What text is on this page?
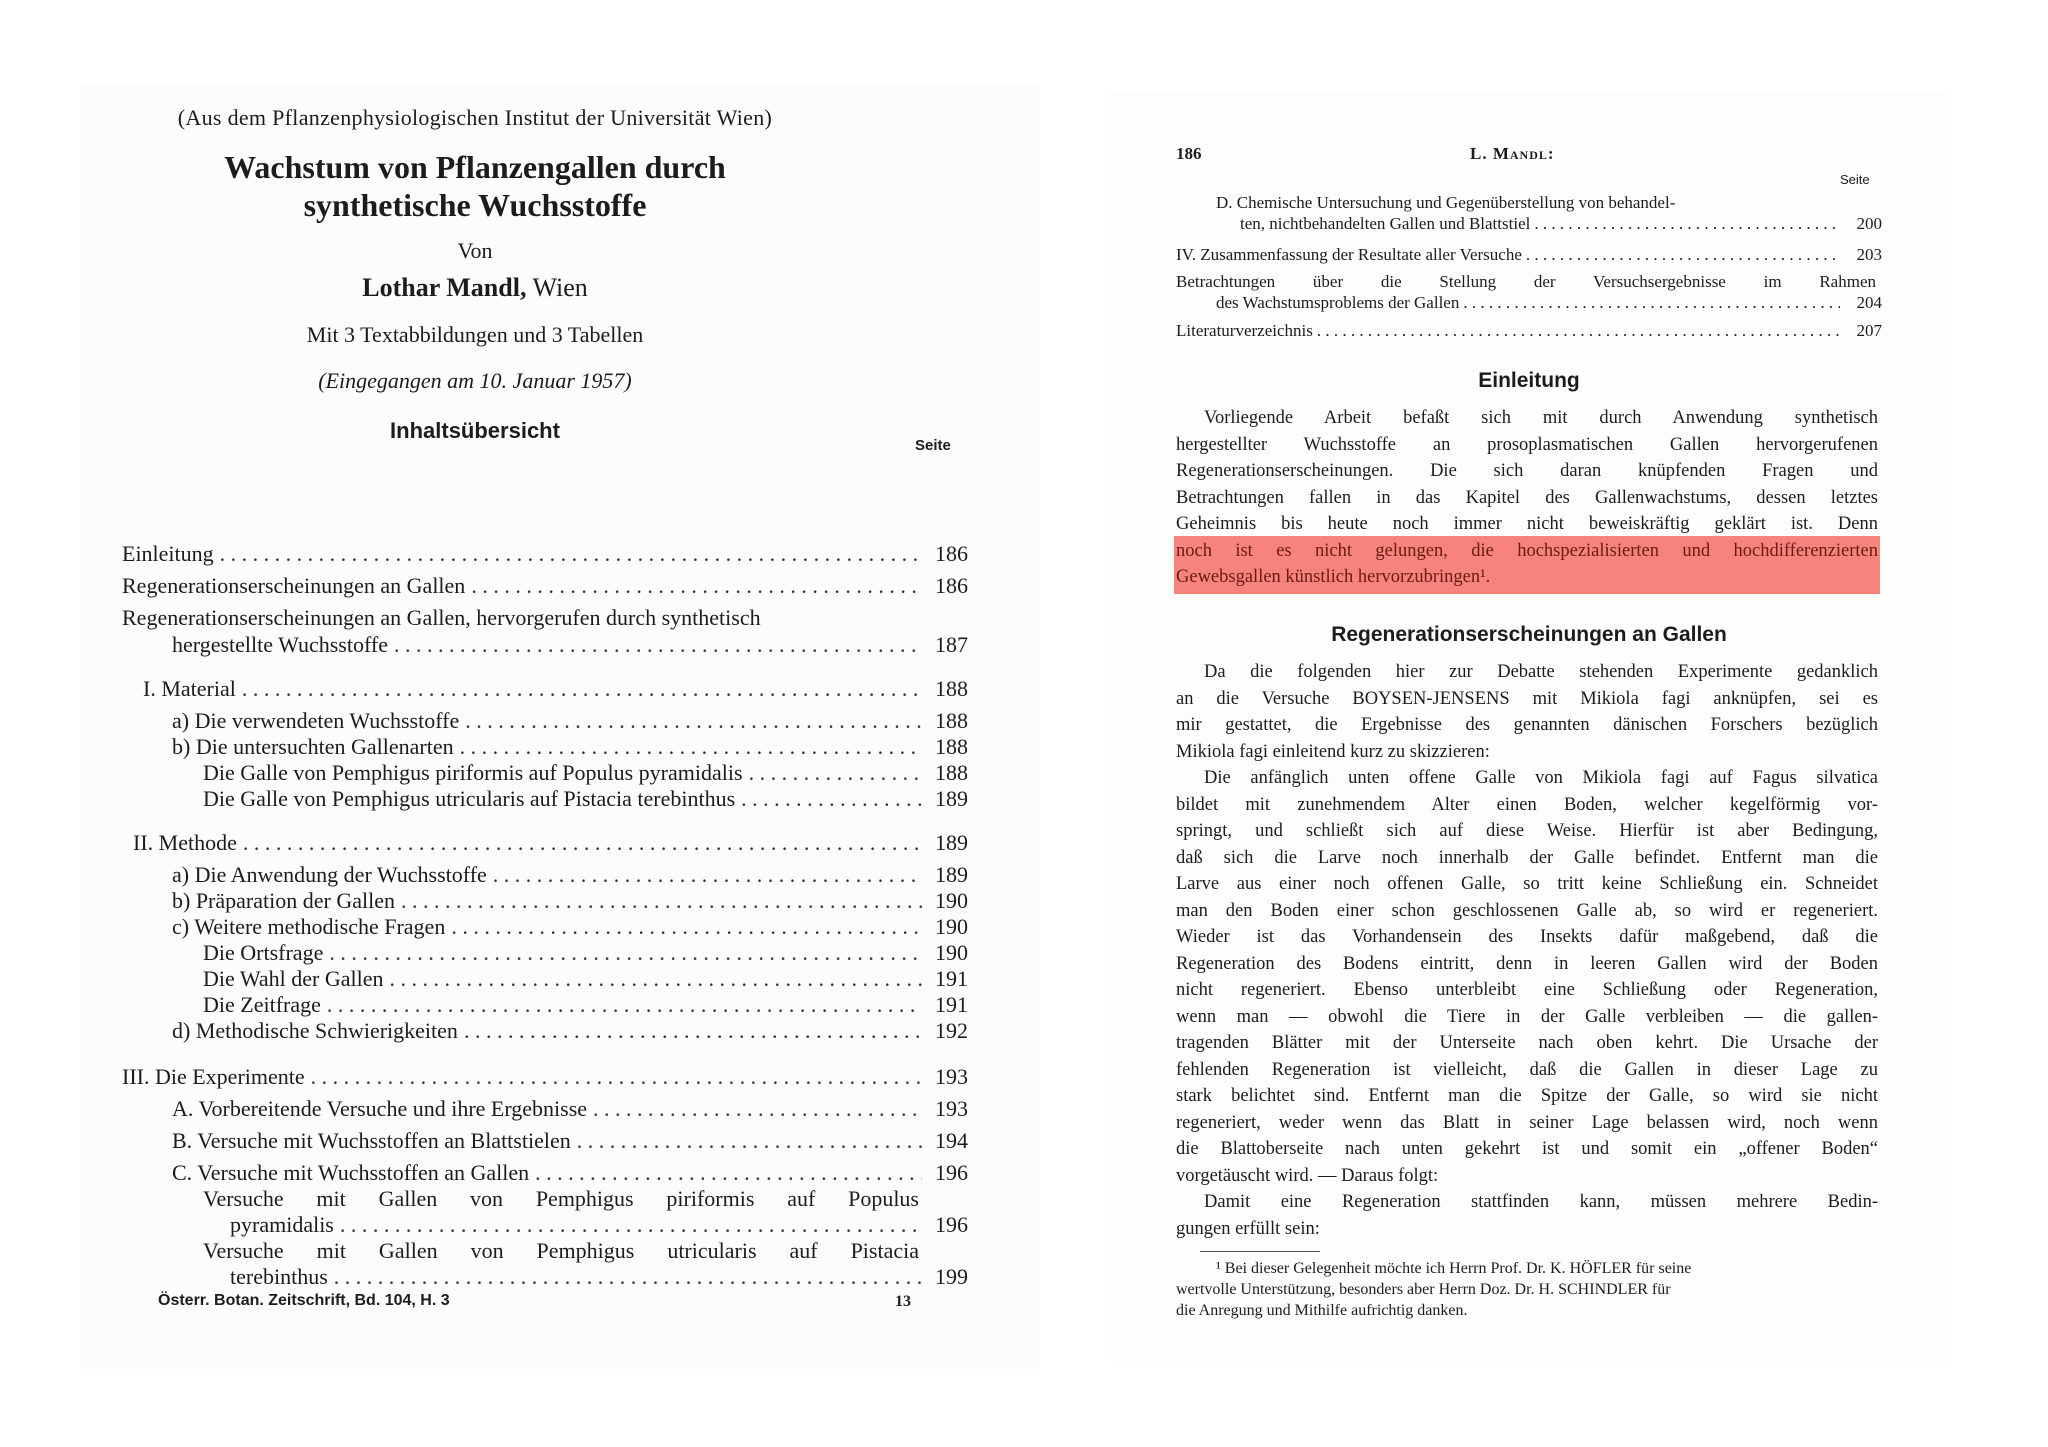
(Aus dem Pflanzenphysiologischen Institut der Universität Wien)
Wachstum von Pflanzengallen durch
synthetische Wuchsstoffe
Von
Lothar Mandl, Wien
Mit 3 Textabbildungen und 3 Tabellen
(Eingegangen am 10. Januar 1957)
Inhaltsübersicht
Seite
Einleitung . . .	186
Regenerationserscheinungen an Gallen . . .	186
Regenerationserscheinungen an Gallen, hervorgerufen durch synthetisch
hergestellte Wuchsstoffe . . .	187
I. Material . . .	188
a) Die verwendeten Wuchsstoffe . . .	188
b) Die untersuchten Gallenarten . . .	188
Die Galle von Pemphigus piriformis auf Populus pyramidalis . . .	188
Die Galle von Pemphigus utricularis auf Pistacia terebinthus . . .	189
II. Methode . . .	189
a) Die Anwendung der Wuchsstoffe . . .	189
b) Präparation der Gallen . . .	190
c) Weitere methodische Fragen . . .	190
Die Ortsfrage . . .	190
Die Wahl der Gallen . . .	191
Die Zeitfrage . . .	191
d) Methodische Schwierigkeiten . . .	192
III. Die Experimente . . .	193
A. Vorbereitende Versuche und ihre Ergebnisse . . .	193
B. Versuche mit Wuchsstoffen an Blattstielen . . .	194
C. Versuche mit Wuchsstoffen an Gallen . . .	196
Versuche mit Gallen von Pemphigus piriformis auf Populus
pyramidalis . . .	196
Versuche mit Gallen von Pemphigus utricularis auf Pistacia
terebinthus . . .	199
Österr. Botan. Zeitschrift, Bd. 104, H. 3	13
186	L. Mandl:
Seite
D. Chemische Untersuchung und Gegenüberstellung von behandel-
ten, nichtbehandelten Gallen und Blattstiel . . .	200
IV. Zusammenfassung der Resultate aller Versuche . . .	203
Betrachtungen über die Stellung der Versuchsergebnisse im Rahmen
des Wachstumsproblems der Gallen . . .	204
Literaturverzeichnis . . .	207
Einleitung
Vorliegende Arbeit befaßt sich mit durch Anwendung synthetisch
hergestellter Wuchsstoffe an prosoplasmatischen Gallen hervorgerufenen
Regenerationserscheinungen. Die sich daran knüpfenden Fragen und
Betrachtungen fallen in das Kapitel des Gallenwachstums, dessen letztes
Geheimnis bis heute noch immer nicht beweiskräftig geklärt ist. Denn
noch ist es nicht gelungen, die hochspezialisierten und hochdifferenzierten
Gewebsgallen künstlich hervorzubringen¹.
Regenerationserscheinungen an Gallen
Da die folgenden hier zur Debatte stehenden Experimente gedanklich
an die Versuche BOYSEN-JENSENS mit Mikiola fagi anknüpfen, sei es
mir gestattet, die Ergebnisse des genannten dänischen Forschers bezüglich
Mikiola fagi einleitend kurz zu skizzieren:
Die anfänglich unten offene Galle von Mikiola fagi auf Fagus silvatica
bildet mit zunehmendem Alter einen Boden, welcher kegelförmig vor-
springt, und schließt sich auf diese Weise. Hierfür ist aber Bedingung,
daß sich die Larve noch innerhalb der Galle befindet. Entfernt man die
Larve aus einer noch offenen Galle, so tritt keine Schließung ein. Schneidet
man den Boden einer schon geschlossenen Galle ab, so wird er regeneriert.
Wieder ist das Vorhandensein des Insekts dafür maßgebend, daß die
Regeneration des Bodens eintritt, denn in leeren Gallen wird der Boden
nicht regeneriert. Ebenso unterbleibt eine Schließung oder Regeneration,
wenn man — obwohl die Tiere in der Galle verbleiben — die gallen-
tragenden Blätter mit der Unterseite nach oben kehrt. Die Ursache der
fehlenden Regeneration ist vielleicht, daß die Gallen in dieser Lage zu
stark belichtet sind. Entfernt man die Spitze der Galle, so wird sie nicht
regeneriert, weder wenn das Blatt in seiner Lage belassen wird, noch wenn
die Blattoberseite nach unten gekehrt ist und somit ein „offener Boden“
vorgetäuscht wird. — Daraus folgt:
Damit eine Regeneration stattfinden kann, müssen mehrere Bedin-
gungen erfüllt sein:
¹ Bei dieser Gelegenheit möchte ich Herrn Prof. Dr. K. HÖFLER für seine
wertvolle Unterstützung, besonders aber Herrn Doz. Dr. H. SCHINDLER für
die Anregung und Mithilfe aufrichtig danken.
